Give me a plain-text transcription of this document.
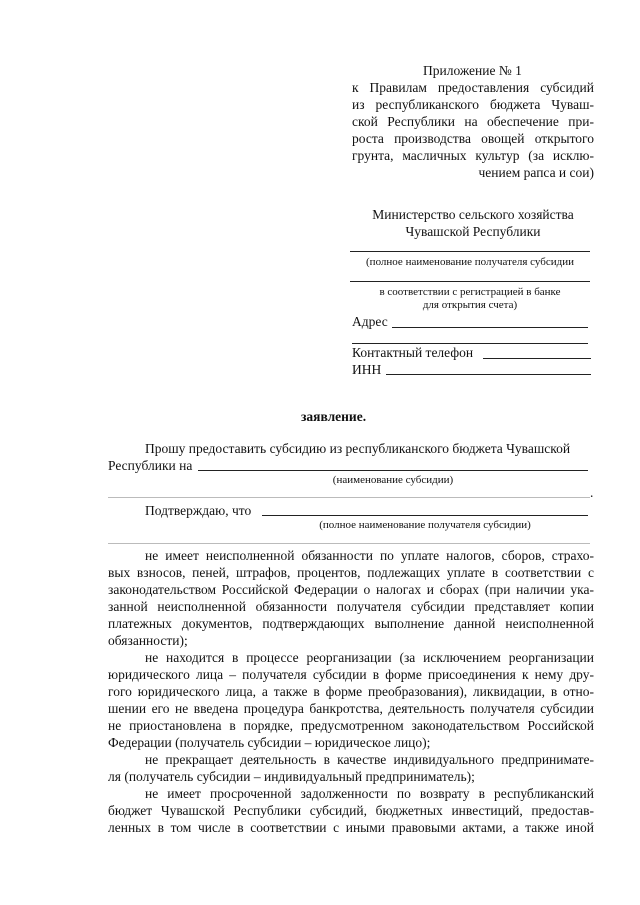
Приложение № 1
к Правилам предоставления субсидий
из республиканского бюджета Чуваш-
ской Республики на обеспечение при-
роста производства овощей открытого
грунта, масличных культур (за исклю-
чением рапса и сои)
Министерство сельского хозяйства
Чувашской Республики
(полное наименование получателя субсидии
в соответствии с регистрацией в банке
для открытия счета)
Адрес
Контактный телефон
ИНН
заявление.
Прошу предоставить субсидию из республиканского бюджета Чувашской
Республики на
(наименование субсидии)
.
Подтверждаю, что
(полное наименование получателя субсидии)
не имеет неисполненной обязанности по уплате налогов, сборов, страхо-
вых взносов, пеней, штрафов, процентов, подлежащих уплате в соответствии с
законодательством Российской Федерации о налогах и сборах (при наличии ука-
занной неисполненной обязанности получателя субсидии представляет копии
платежных документов, подтверждающих выполнение данной неисполненной
обязанности);
не находится в процессе реорганизации (за исключением реорганизации
юридического лица – получателя субсидии в форме присоединения к нему дру-
гого юридического лица, а также в форме преобразования), ликвидации, в отно-
шении его не введена процедура банкротства, деятельность получателя субсидии
не приостановлена в порядке, предусмотренном законодательством Российской
Федерации (получатель субсидии – юридическое лицо);
не прекращает деятельность в качестве индивидуального предпринимате-
ля (получатель субсидии – индивидуальный предприниматель);
не имеет просроченной задолженности по возврату в республиканский
бюджет Чувашской Республики субсидий, бюджетных инвестиций, предостав-
ленных в том числе в соответствии с иными правовыми актами, а также иной
